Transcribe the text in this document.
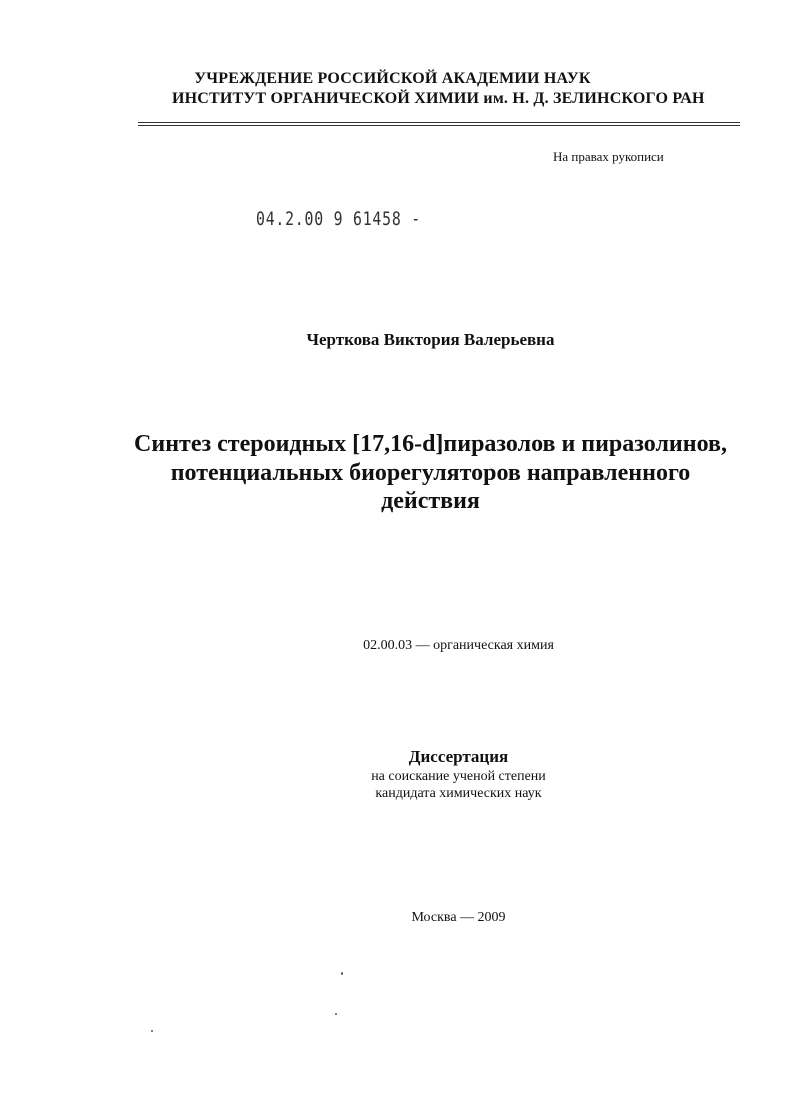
УЧРЕЖДЕНИЕ РОССИЙСКОЙ АКАДЕМИИ НАУК
ИНСТИТУТ ОРГАНИЧЕСКОЙ ХИМИИ им. Н. Д. ЗЕЛИНСКОГО РАН
На правах рукописи
04.2.00 9 61458 -
Черткова Виктория Валерьевна
Синтез стероидных [17,16-d]пиразолов и пиразолинов,
потенциальных биорегуляторов направленного
действия
02.00.03 — органическая химия
Диссертация
на соискание ученой степени
кандидата химических наук
Москва — 2009
